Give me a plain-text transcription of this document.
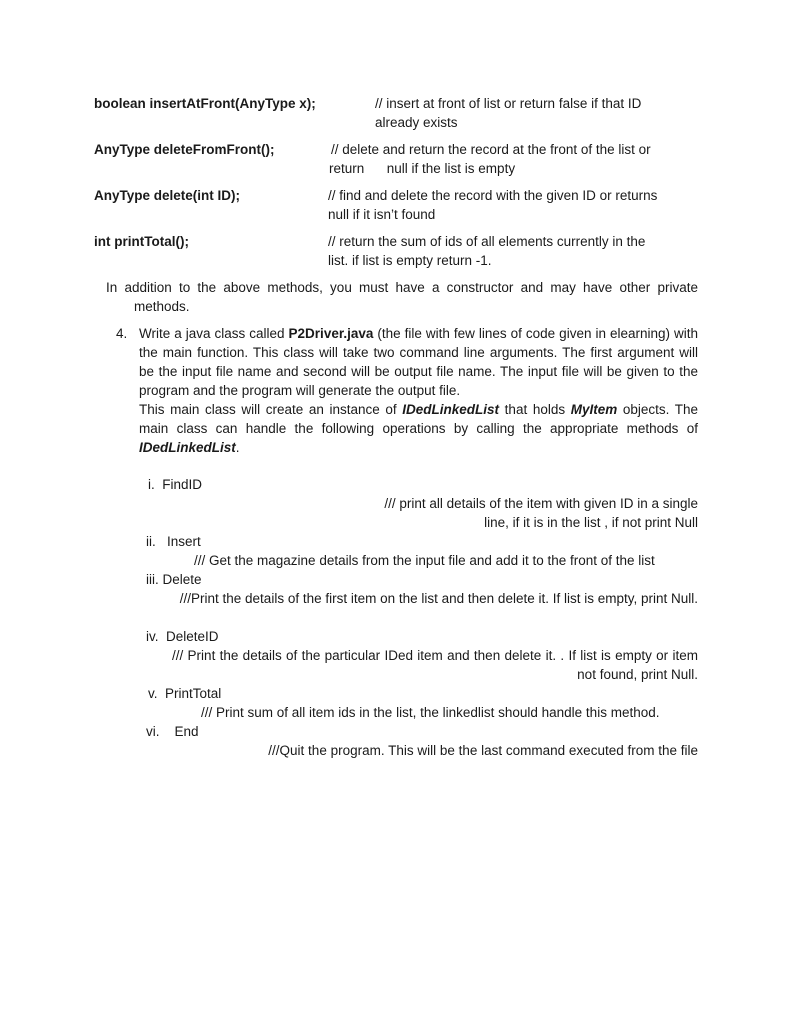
boolean insertAtFront(AnyType x);	// insert at front of list or return false if that ID
already exists
AnyType deleteFromFront();	// delete and return the record at the front of the list or
return      null if the list is empty
AnyType delete(int ID);	// find and delete the record with the given ID or returns
null if it isn’t found
int printTotal();	// return the sum of ids of all elements currently in the
list. if list is empty return -1.

In addition to the above methods, you must have a constructor and may have other private methods.

4. Write a java class called P2Driver.java (the file with few lines of code given in elearning) with the main function. This class will take two command line arguments. The first argument will be the input file name and second will be output file name. The input file will be given to the program and the program will generate the output file.

This main class will create an instance of IDedLinkedList that holds MyItem objects. The main class can handle the following operations by calling the appropriate methods of IDedLinkedList.

i. FindID
/// print all details of the item with given ID in a single line, if it is in the list , if not print Null
ii. Insert
/// Get the magazine details from the input file and add it to the front of the list
iii. Delete
///Print the details of the first item on the list and then delete it. If list is empty, print Null.
iv. DeleteID
/// Print the details of the particular IDed item and then delete it. . If list is empty or item not found, print Null.
v. PrintTotal
/// Print sum of all item ids in the list, the linkedlist should handle this method.
vi. End
///Quit the program. This will be the last command executed from the file
